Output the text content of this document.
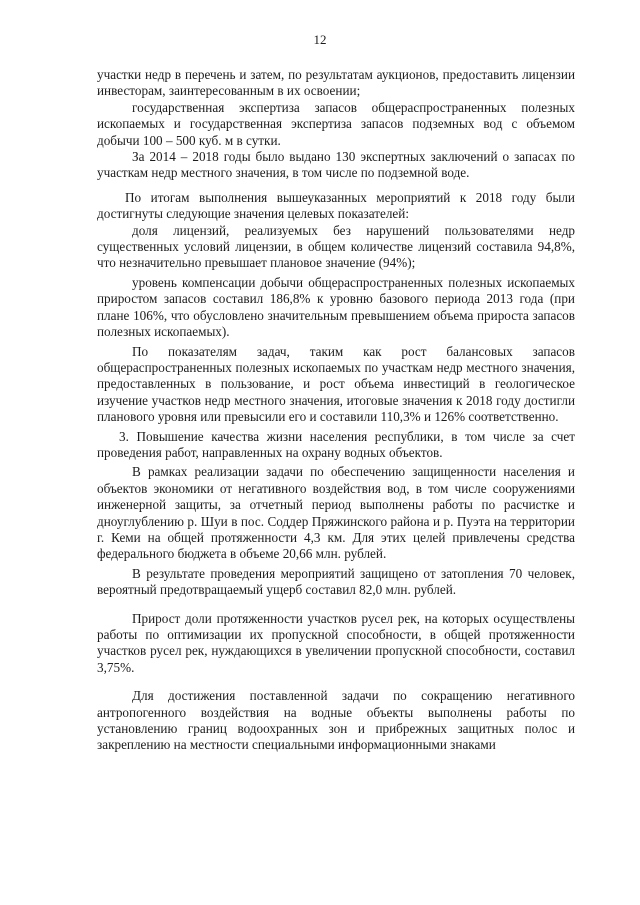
12

участки недр в перечень и затем, по результатам аукционов, предоставить лицензии инвесторам, заинтересованным в их освоении;

государственная экспертиза запасов общераспространенных полезных ископаемых и государственная экспертиза запасов подземных вод с объемом добычи 100 – 500 куб. м в сутки.

За 2014 – 2018 годы было выдано 130 экспертных заключений о запасах по участкам недр местного значения, в том числе по подземной воде.

По итогам выполнения вышеуказанных мероприятий к 2018 году были достигнуты следующие значения целевых показателей:

доля лицензий, реализуемых без нарушений пользователями недр существенных условий лицензии, в общем количестве лицензий составила 94,8%, что незначительно превышает плановое значение (94%);

уровень компенсации добычи общераспространенных полезных ископаемых приростом запасов составил 186,8% к уровню базового периода 2013 года (при плане 106%, что обусловлено значительным превышением объема прироста запасов полезных ископаемых).

По показателям задач, таким как рост балансовых запасов общераспространенных полезных ископаемых по участкам недр местного значения, предоставленных в пользование, и рост объема инвестиций в геологическое изучение участков недр местного значения, итоговые значения к 2018 году достигли планового уровня или превысили его и составили 110,3% и 126% соответственно.

3. Повышение качества жизни населения республики, в том числе за счет проведения работ, направленных на охрану водных объектов.

В рамках реализации задачи по обеспечению защищенности населения и объектов экономики от негативного воздействия вод, в том числе сооружениями инженерной защиты, за отчетный период выполнены работы по расчистке и дноуглублению р. Шуи в пос. Соддер Пряжинского района и р. Пуэта на территории г. Кеми на общей протяженности 4,3 км. Для этих целей привлечены средства федерального бюджета в объеме 20,66 млн. рублей.

В результате проведения мероприятий защищено от затопления 70 человек, вероятный предотвращаемый ущерб составил 82,0 млн. рублей.

Прирост доли протяженности участков русел рек, на которых осуществлены работы по оптимизации их пропускной способности, в общей протяженности участков русел рек, нуждающихся в увеличении пропускной способности, составил 3,75%.

Для достижения поставленной задачи по сокращению негативного антропогенного воздействия на водные объекты выполнены работы по установлению границ водоохранных зон и прибрежных защитных полос и закреплению на местности специальными информационными знаками
